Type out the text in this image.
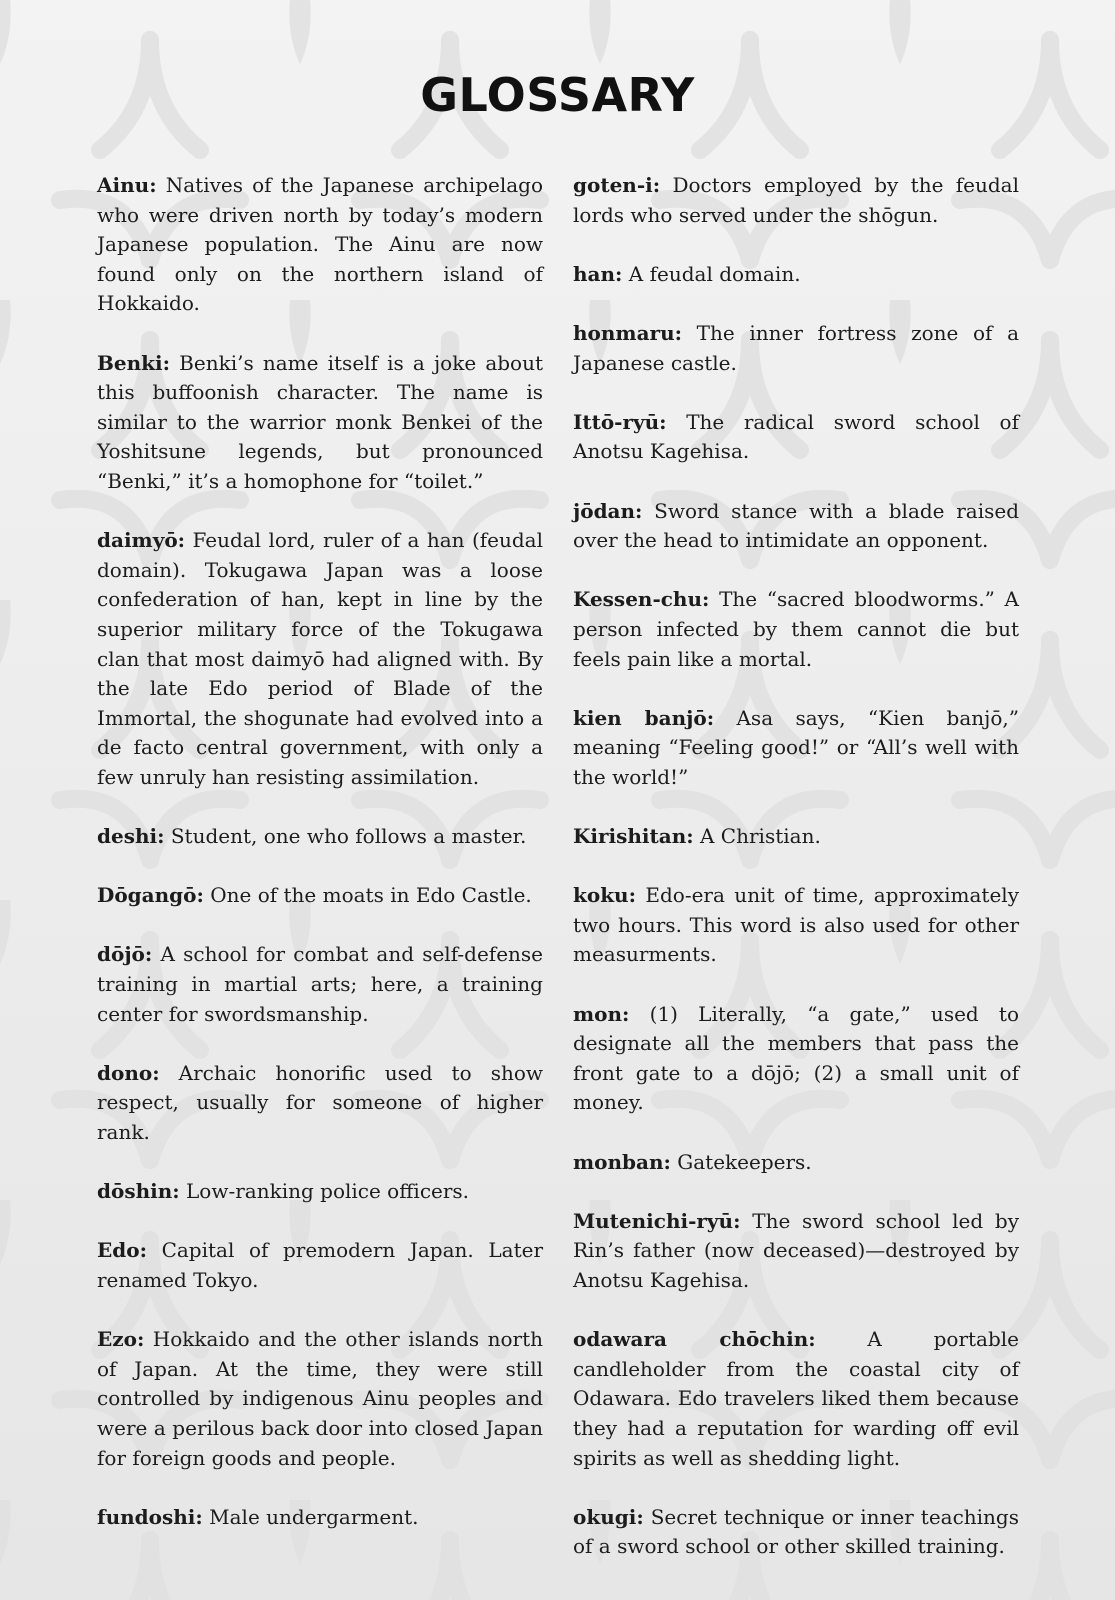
GLOSSARY

Ainu: Natives of the Japanese archipelago who were driven north by today’s modern Japanese population. The Ainu are now found only on the northern island of Hokkaido.

Benki: Benki’s name itself is a joke about this buffoonish character. The name is similar to the warrior monk Benkei of the Yoshitsune legends, but pronounced “Benki,” it’s a homophone for “toilet.”

daimyō: Feudal lord, ruler of a han (feudal domain). Tokugawa Japan was a loose confederation of han, kept in line by the superior military force of the Tokugawa clan that most daimyō had aligned with. By the late Edo period of Blade of the Immortal, the shogunate had evolved into a de facto central government, with only a few unruly han resisting assimilation.

deshi: Student, one who follows a master.

Dōgangō: One of the moats in Edo Castle.

dōjō: A school for combat and self-defense training in martial arts; here, a training center for swordsmanship.

dono: Archaic honorific used to show respect, usually for someone of higher rank.

dōshin: Low-ranking police officers.

Edo: Capital of premodern Japan. Later renamed Tokyo.

Ezo: Hokkaido and the other islands north of Japan. At the time, they were still controlled by indigenous Ainu peoples and were a perilous back door into closed Japan for foreign goods and people.

fundoshi: Male undergarment.

goten-i: Doctors employed by the feudal lords who served under the shōgun.

han: A feudal domain.

honmaru: The inner fortress zone of a Japanese castle.

Ittō-ryū: The radical sword school of Anotsu Kagehisa.

jōdan: Sword stance with a blade raised over the head to intimidate an opponent.

Kessen-chu: The “sacred bloodworms.” A person infected by them cannot die but feels pain like a mortal.

kien banjō: Asa says, “Kien banjō,” meaning “Feeling good!” or “All’s well with the world!”

Kirishitan: A Christian.

koku: Edo-era unit of time, approximately two hours. This word is also used for other measurments.

mon: (1) Literally, “a gate,” used to designate all the members that pass the front gate to a dōjō; (2) a small unit of money.

monban: Gatekeepers.

Mutenichi-ryū: The sword school led by Rin’s father (now deceased)—destroyed by Anotsu Kagehisa.

odawara chōchin:	A portable candleholder from the coastal city of Odawara. Edo travelers liked them because they had a reputation for warding off evil spirits as well as shedding light.

okugi: Secret technique or inner teachings of a sword school or other skilled training.
